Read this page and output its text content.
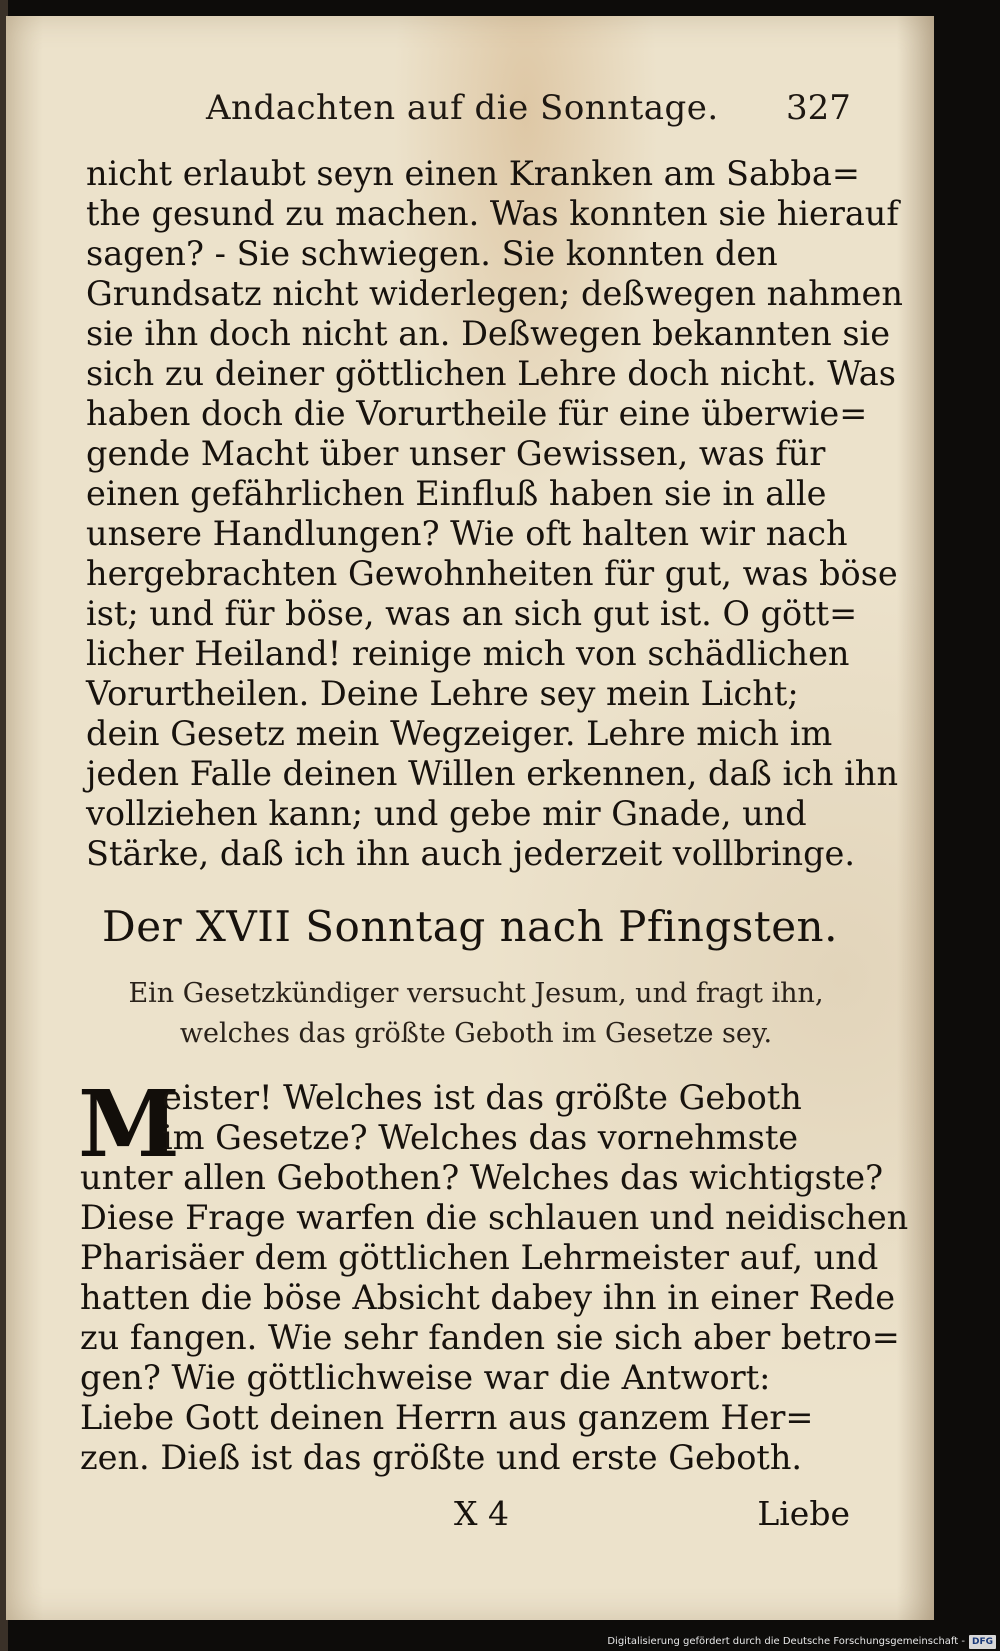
Andachten auf die Sonntage.	327
nicht erlaubt seyn einen Kranken am Sabba=
the gesund zu machen. Was konnten sie hierauf
sagen? - Sie schwiegen. Sie konnten den
Grundsatz nicht widerlegen; deßwegen nahmen
sie ihn doch nicht an. Deßwegen bekannten sie
sich zu deiner göttlichen Lehre doch nicht. Was
haben doch die Vorurtheile für eine überwie=
gende Macht über unser Gewissen, was für
einen gefährlichen Einfluß haben sie in alle
unsere Handlungen? Wie oft halten wir nach
hergebrachten Gewohnheiten für gut, was böse
ist; und für böse, was an sich gut ist. O gött=
licher Heiland! reinige mich von schädlichen
Vorurtheilen. Deine Lehre sey mein Licht;
dein Gesetz mein Wegzeiger. Lehre mich im
jeden Falle deinen Willen erkennen, daß ich ihn
vollziehen kann; und gebe mir Gnade, und
Stärke, daß ich ihn auch jederzeit vollbringe.
Der XVII Sonntag nach Pfingsten.
Ein Gesetzkündiger versucht Jesum, und fragt ihn,
welches das größte Geboth im Gesetze sey.
M
eister! Welches ist das größte Geboth
im Gesetze? Welches das vornehmste
unter allen Gebothen? Welches das wichtigste?
Diese Frage warfen die schlauen und neidischen
Pharisäer dem göttlichen Lehrmeister auf, und
hatten die böse Absicht dabey ihn in einer Rede
zu fangen. Wie sehr fanden sie sich aber betro=
gen? Wie göttlichweise war die Antwort:
Liebe Gott deinen Herrn aus ganzem Her=
zen. Dieß ist das größte und erste Geboth.
X 4	Liebe
Digitalisierung gefördert durch die Deutsche Forschungsgemeinschaft - DFG
